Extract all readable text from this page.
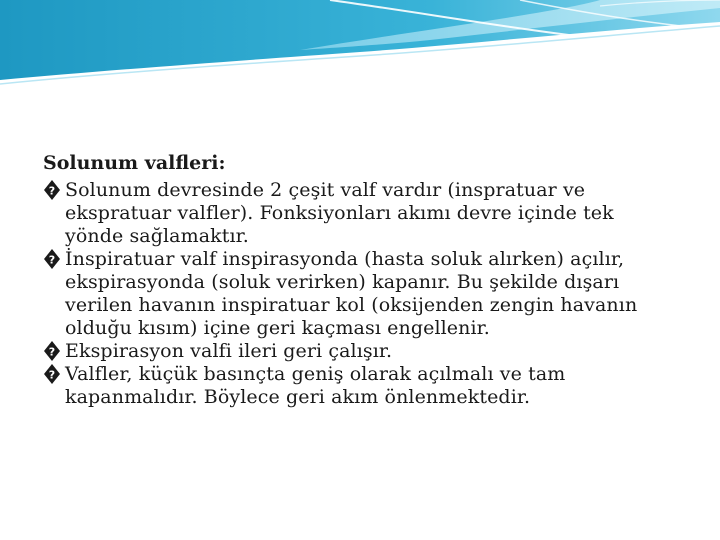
Solunum valfleri:
? Solunum devresinde 2 çeşit valf vardır (inspratuar ve
ekspratuar valfler). Fonksiyonları akımı devre içinde tek
yönde sağlamaktır.
? İnspiratuar valf inspirasyonda (hasta soluk alırken) açılır,
ekspirasyonda (soluk verirken) kapanır. Bu şekilde dışarı
verilen havanın inspiratuar kol (oksijenden zengin havanın
olduğu kısım) içine geri kaçması engellenir.
? Ekspirasyon valfi ileri geri çalışır.
? Valfler, küçük basınçta geniş olarak açılmalı ve tam
kapanmalıdır. Böylece geri akım önlenmektedir.
